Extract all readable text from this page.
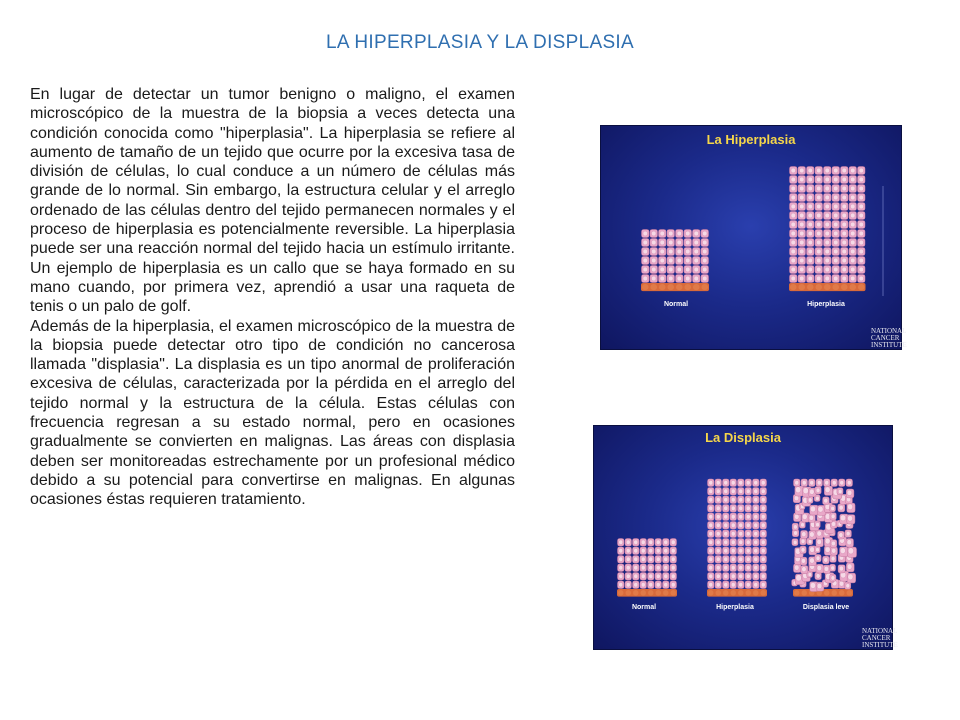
LA HIPERPLASIA Y LA DISPLASIA

En lugar de detectar un tumor benigno o maligno, el examen microscópico de la muestra de la biopsia a veces detecta una condición conocida como "hiperplasia". La hiperplasia se refiere al aumento de tamaño de un tejido que ocurre por la excesiva tasa de división de células, lo cual conduce a un número de células más grande de lo normal. Sin embargo, la estructura celular y el arreglo ordenado de las células dentro del tejido permanecen normales y el proceso de hiperplasia es potencialmente reversible. La hiperplasia puede ser una reacción normal del tejido hacia un estímulo irritante. Un ejemplo de hiperplasia es un callo que se haya formado en su mano cuando, por primera vez, aprendió a usar una raqueta de tenis o un palo de golf.

Además de la hiperplasia, el examen microscópico de la muestra de la biopsia puede detectar otro tipo de condición no cancerosa llamada "displasia". La displasia es un tipo anormal de proliferación excesiva de células, caracterizada por la pérdida en el arreglo del tejido normal y la estructura de la célula. Estas células con frecuencia regresan a su estado normal, pero en ocasiones gradualmente se convierten en malignas. Las áreas con displasia deben ser monitoreadas estrechamente por un profesional médico debido a su potencial para convertirse en malignas. En algunas ocasiones éstas requieren tratamiento.

La Hiperplasia
Normal	Hiperplasia
NATIONAL CANCER INSTITUTE
La Displasia
Normal	Hiperplasia	Displasia leve
NATIONAL CANCER INSTITUTE
